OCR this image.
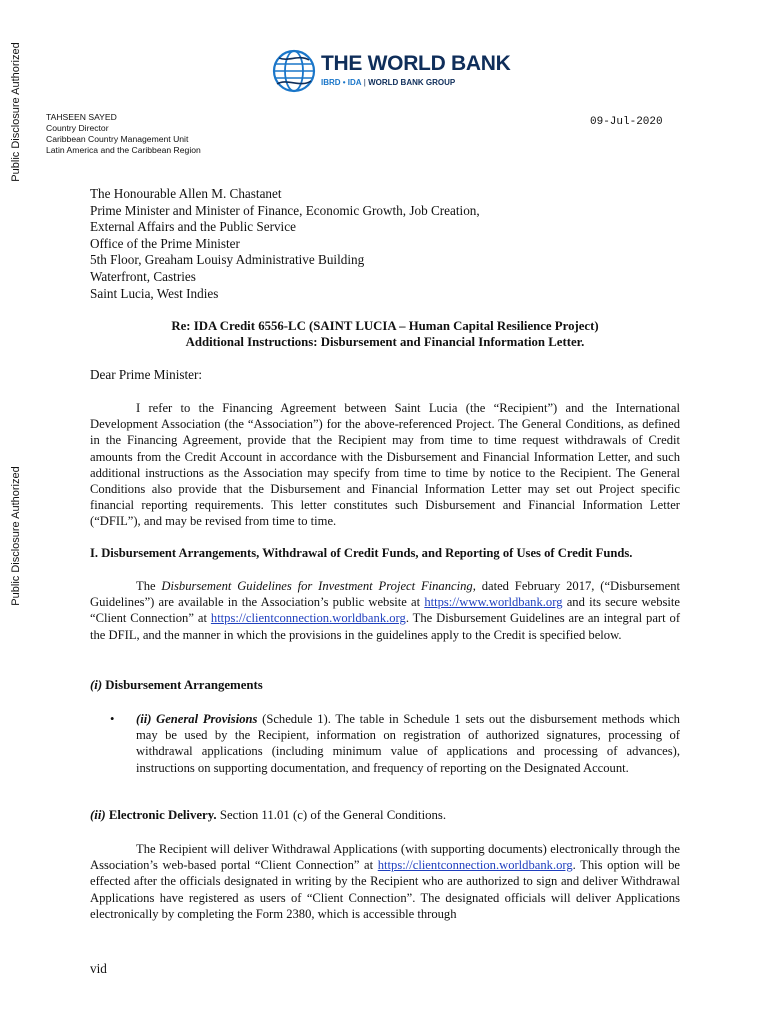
Public Disclosure Authorized
Public Disclosure Authorized
THE WORLD BANK
IBRD • IDA | WORLD BANK GROUP
TAHSEEN SAYED
Country Director
Caribbean Country Management Unit
Latin America and the Caribbean Region
09-Jul-2020
The Honourable Allen M. Chastanet
Prime Minister and Minister of Finance, Economic Growth, Job Creation,
External Affairs and the Public Service
Office of the Prime Minister
5th Floor, Greaham Louisy Administrative Building
Waterfront, Castries
Saint Lucia, West Indies
Re: IDA Credit 6556-LC (SAINT LUCIA – Human Capital Resilience Project)
Additional Instructions: Disbursement and Financial Information Letter.
Dear Prime Minister:

I refer to the Financing Agreement between Saint Lucia (the “Recipient”) and the International Development Association (the “Association”) for the above-referenced Project. The General Conditions, as defined in the Financing Agreement, provide that the Recipient may from time to time request withdrawals of Credit amounts from the Credit Account in accordance with the Disbursement and Financial Information Letter, and such additional instructions as the Association may specify from time to time by notice to the Recipient. The General Conditions also provide that the Disbursement and Financial Information Letter may set out Project specific financial reporting requirements. This letter constitutes such Disbursement and Financial Information Letter (“DFIL”), and may be revised from time to time.

I. Disbursement Arrangements, Withdrawal of Credit Funds, and Reporting of Uses of Credit Funds.

The Disbursement Guidelines for Investment Project Financing, dated February 2017, (“Disbursement Guidelines”) are available in the Association’s public website at https://www.worldbank.org and its secure website “Client Connection” at https://clientconnection.worldbank.org. The Disbursement Guidelines are an integral part of the DFIL, and the manner in which the provisions in the guidelines apply to the Credit is specified below.

(i) Disbursement Arrangements
• (ii) General Provisions (Schedule 1). The table in Schedule 1 sets out the disbursement methods which may be used by the Recipient, information on registration of authorized signatures, processing of withdrawal applications (including minimum value of applications and processing of advances), instructions on supporting documentation, and frequency of reporting on the Designated Account.
(ii) Electronic Delivery. Section 11.01 (c) of the General Conditions.

The Recipient will deliver Withdrawal Applications (with supporting documents) electronically through the Association’s web-based portal “Client Connection” at https://clientconnection.worldbank.org. This option will be effected after the officials designated in writing by the Recipient who are authorized to sign and deliver Withdrawal Applications have registered as users of “Client Connection”. The designated officials will deliver Applications electronically by completing the Form 2380, which is accessible through

vid
